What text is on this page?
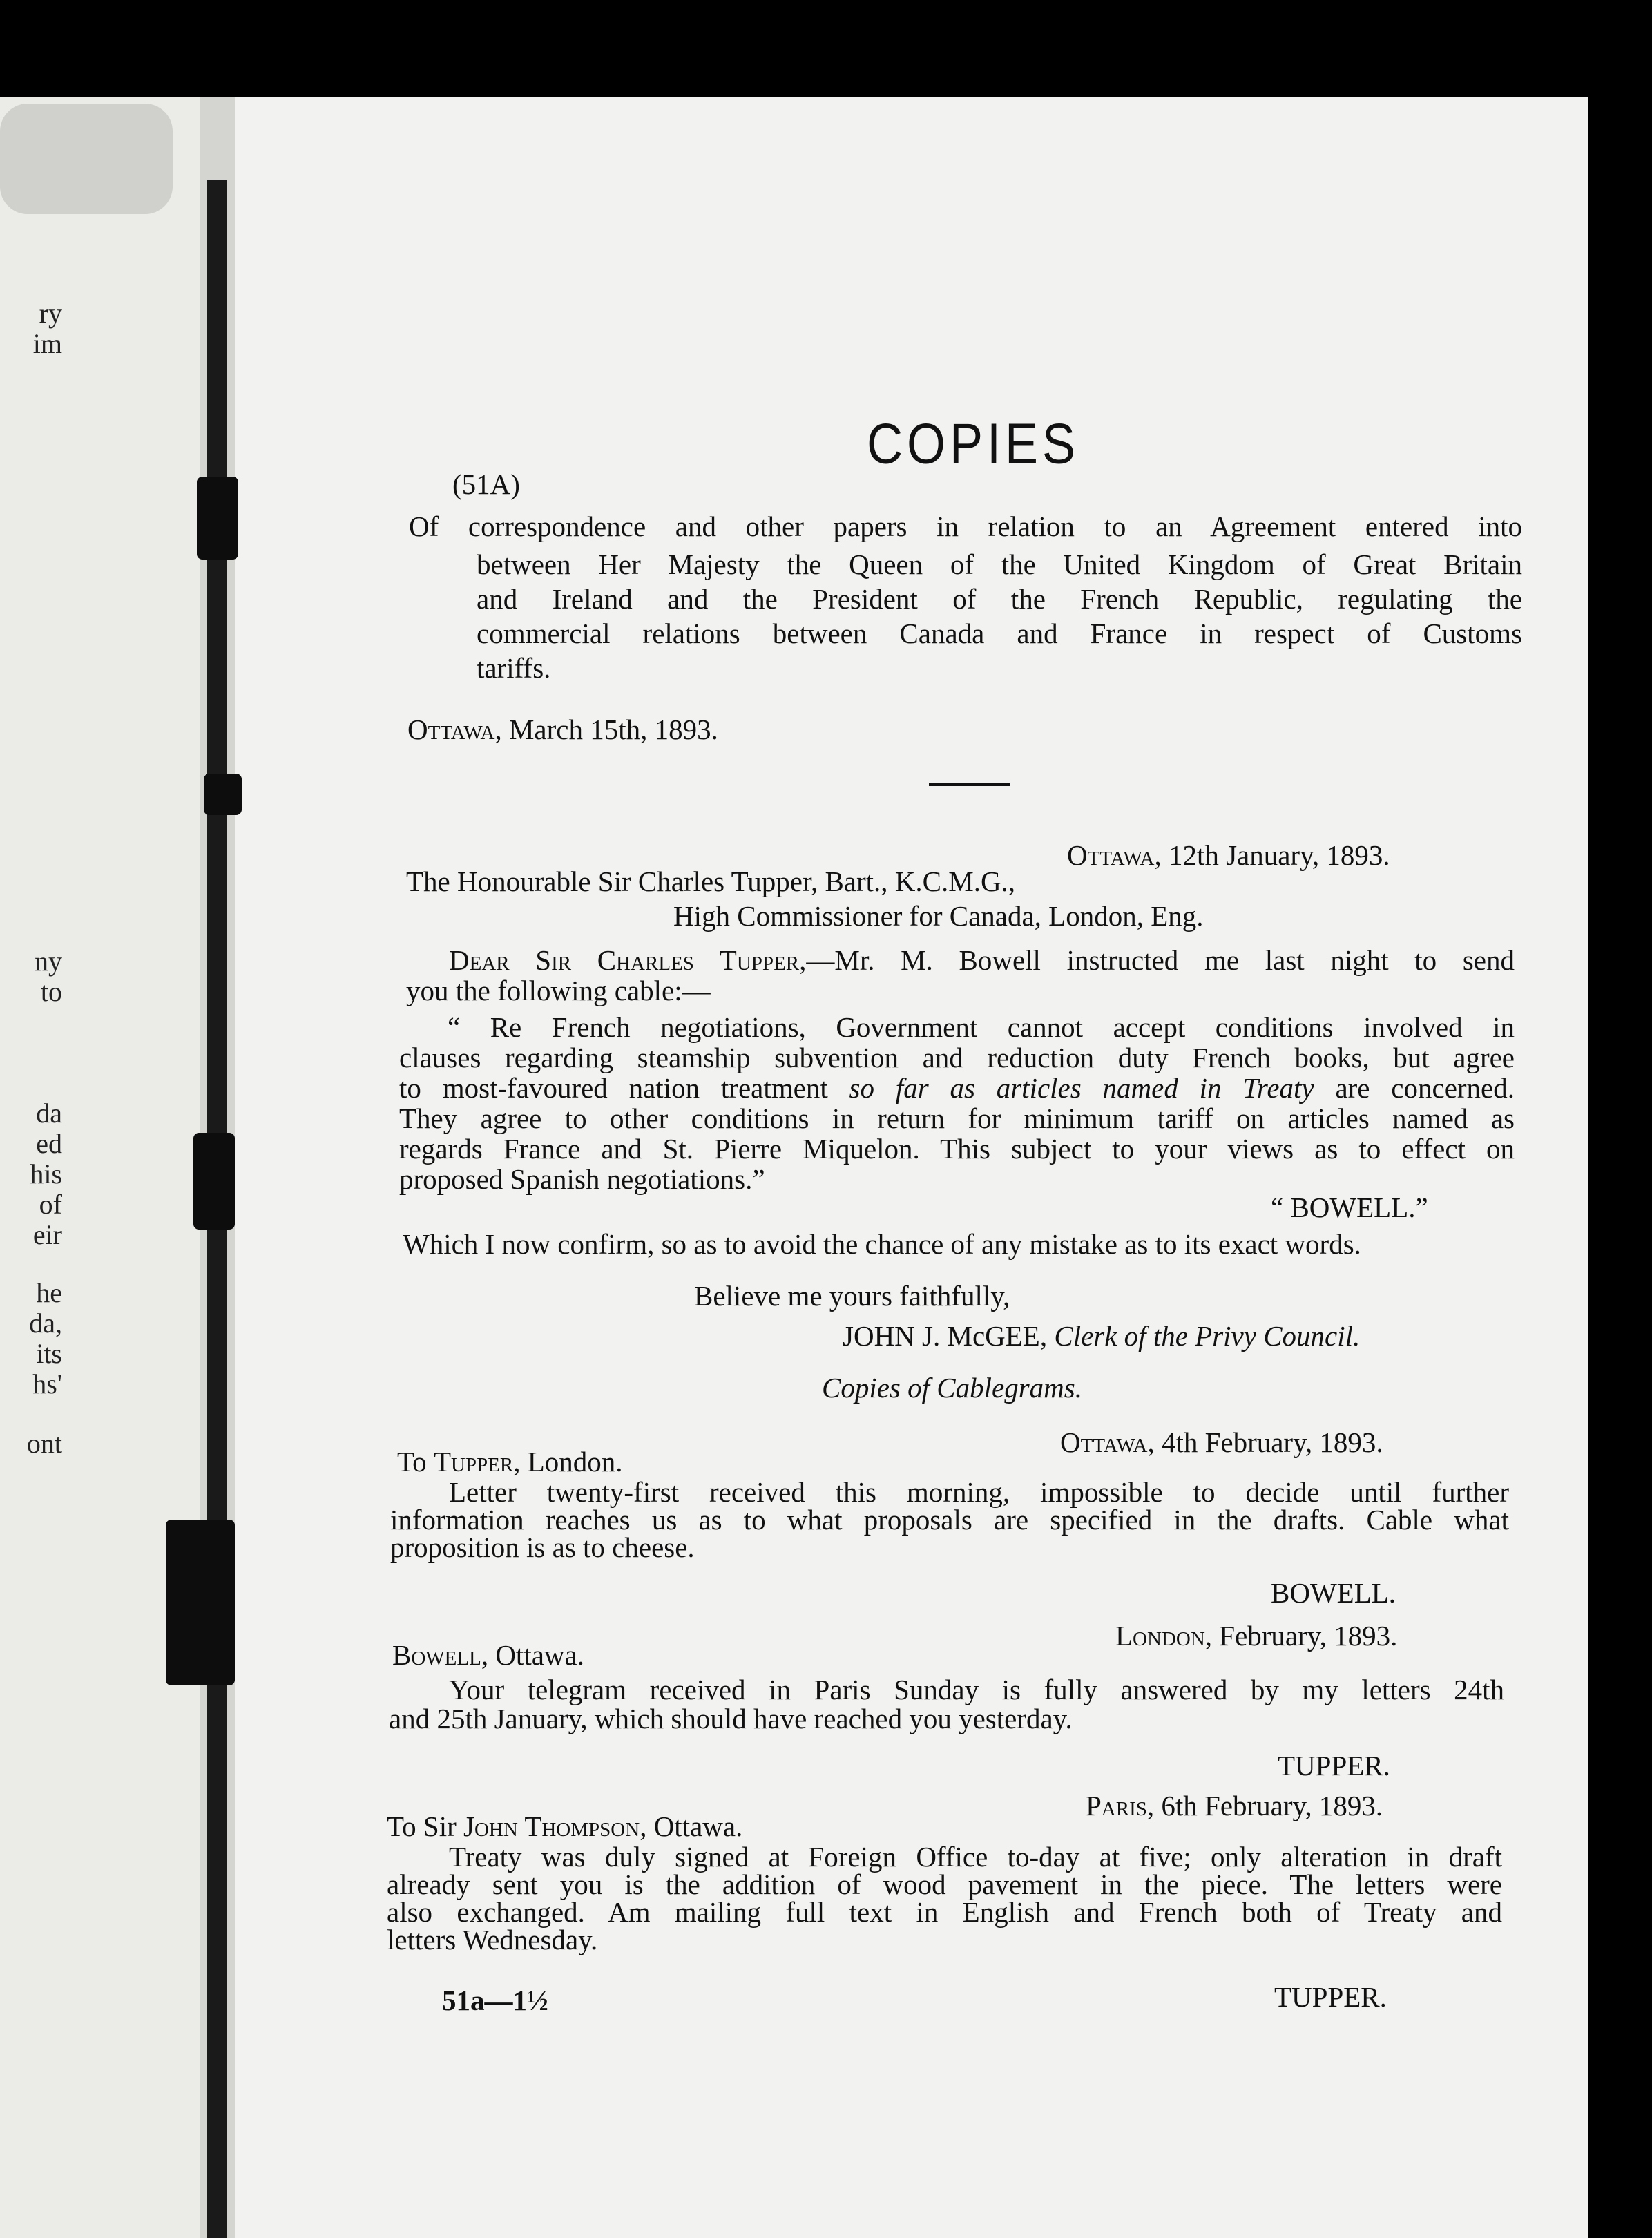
ry
im
ny
to
da
ed
his
of
eir
he
da,
its
hs'
ont
COPIES
(51A)
Of correspondence and other papers in relation to an Agreement entered into
between Her Majesty the Queen of the United Kingdom of Great Britain
and Ireland and the President of the French Republic, regulating the
commercial relations between Canada and France in respect of Customs
tariffs.
Ottawa, March 15th, 1893.
Ottawa, 12th January, 1893.
The Honourable Sir Charles Tupper, Bart., K.C.M.G.,
High Commissioner for Canada, London, Eng.
Dear Sir Charles Tupper,—Mr. M. Bowell instructed me last night to send
you the following cable:—
“ Re French negotiations, Government cannot accept conditions involved in
clauses regarding steamship subvention and reduction duty French books, but agree
to most-favoured nation treatment so far as articles named in Treaty are concerned.
They agree to other conditions in return for minimum tariff on articles named as
regards France and St. Pierre Miquelon. This subject to your views as to effect on
proposed Spanish negotiations.”
“ BOWELL.”
Which I now confirm, so as to avoid the chance of any mistake as to its exact words.
Believe me yours faithfully,
JOHN J. McGEE, Clerk of the Privy Council.
Copies of Cablegrams.
Ottawa, 4th February, 1893.
To Tupper, London.
Letter twenty-first received this morning, impossible to decide until further
information reaches us as to what proposals are specified in the drafts. Cable what
proposition is as to cheese.
BOWELL.
London, February, 1893.
Bowell, Ottawa.
Your telegram received in Paris Sunday is fully answered by my letters 24th
and 25th January, which should have reached you yesterday.
TUPPER.
Paris, 6th February, 1893.
To Sir John Thompson, Ottawa.
Treaty was duly signed at Foreign Office to-day at five; only alteration in draft
already sent you is the addition of wood pavement in the piece. The letters were
also exchanged. Am mailing full text in English and French both of Treaty and
letters Wednesday.
51a—1½	TUPPER.
